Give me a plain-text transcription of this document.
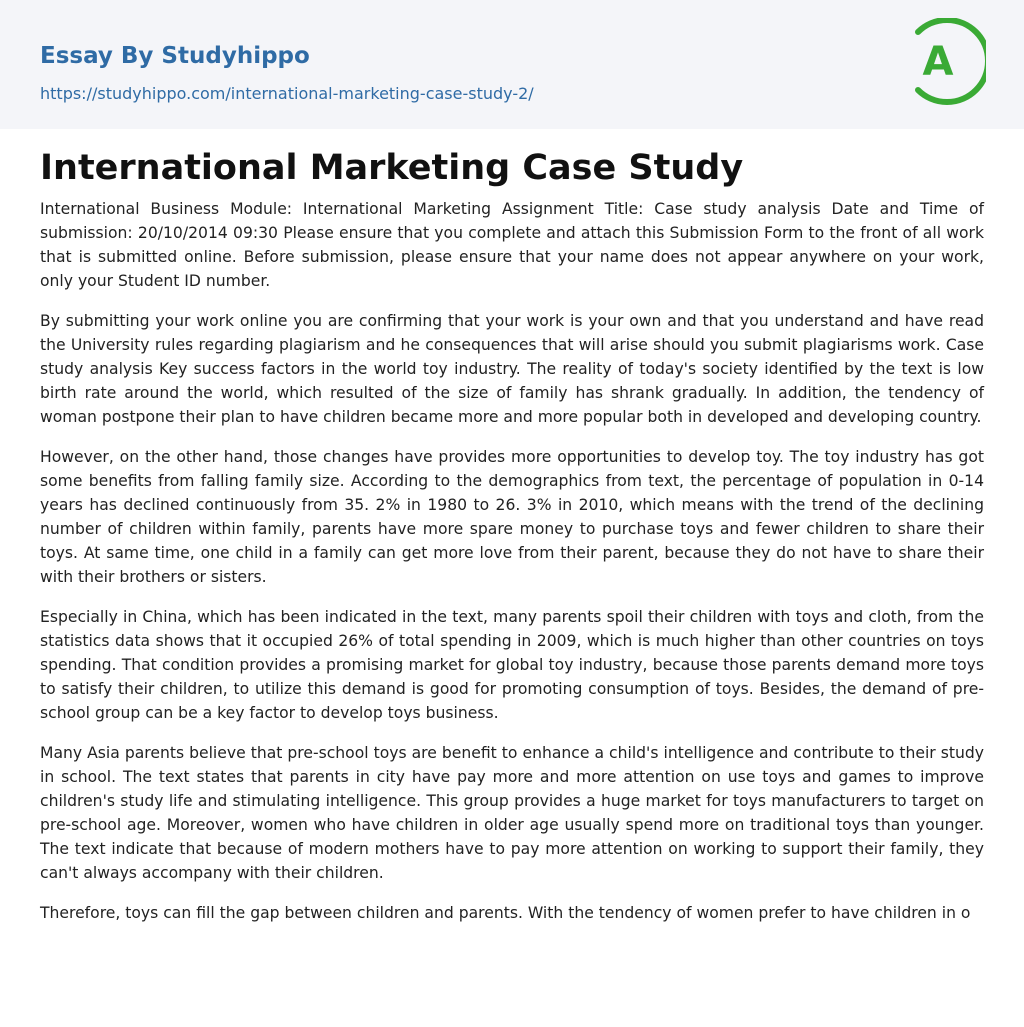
Essay By Studyhippo
https://studyhippo.com/international-marketing-case-study-2/
A
International Marketing Case Study

International Business Module: International Marketing Assignment Title: Case study analysis Date and Time of submission: 20/10/2014 09:30 Please ensure that you complete and attach this Submission Form to the front of all work that is submitted online. Before submission, please ensure that your name does not appear anywhere on your work, only your Student ID number.

By submitting your work online you are confirming that your work is your own and that you understand and have read the University rules regarding plagiarism and he consequences that will arise should you submit plagiarisms work. Case study analysis Key success factors in the world toy industry. The reality of today's society identified by the text is low birth rate around the world, which resulted of the size of family has shrank gradually. In addition, the tendency of woman postpone their plan to have children became more and more popular both in developed and developing country.

However, on the other hand, those changes have provides more opportunities to develop toy. The toy industry has got some benefits from falling family size. According to the demographics from text, the percentage of population in 0-14 years has declined continuously from 35. 2% in 1980 to 26. 3% in 2010, which means with the trend of the declining number of children within family, parents have more spare money to purchase toys and fewer children to share their toys. At same time, one child in a family can get more love from their parent, because they do not have to share their with their brothers or sisters.

Especially in China, which has been indicated in the text, many parents spoil their children with toys and cloth, from the statistics data shows that it occupied 26% of total spending in 2009, which is much higher than other countries on toys spending. That condition provides a promising market for global toy industry, because those parents demand more toys to satisfy their children, to utilize this demand is good for promoting consumption of toys. Besides, the demand of pre-school group can be a key factor to develop toys business.

Many Asia parents believe that pre-school toys are benefit to enhance a child's intelligence and contribute to their study in school. The text states that parents in city have pay more and more attention on use toys and games to improve children's study life and stimulating intelligence. This group provides a huge market for toys manufacturers to target on pre-school age. Moreover, women who have children in older age usually spend more on traditional toys than younger. The text indicate that because of modern mothers have to pay more attention on working to support their family, they can't always accompany with their children.

Therefore, toys can fill the gap between children and parents. With the tendency of women prefer to have children in o
